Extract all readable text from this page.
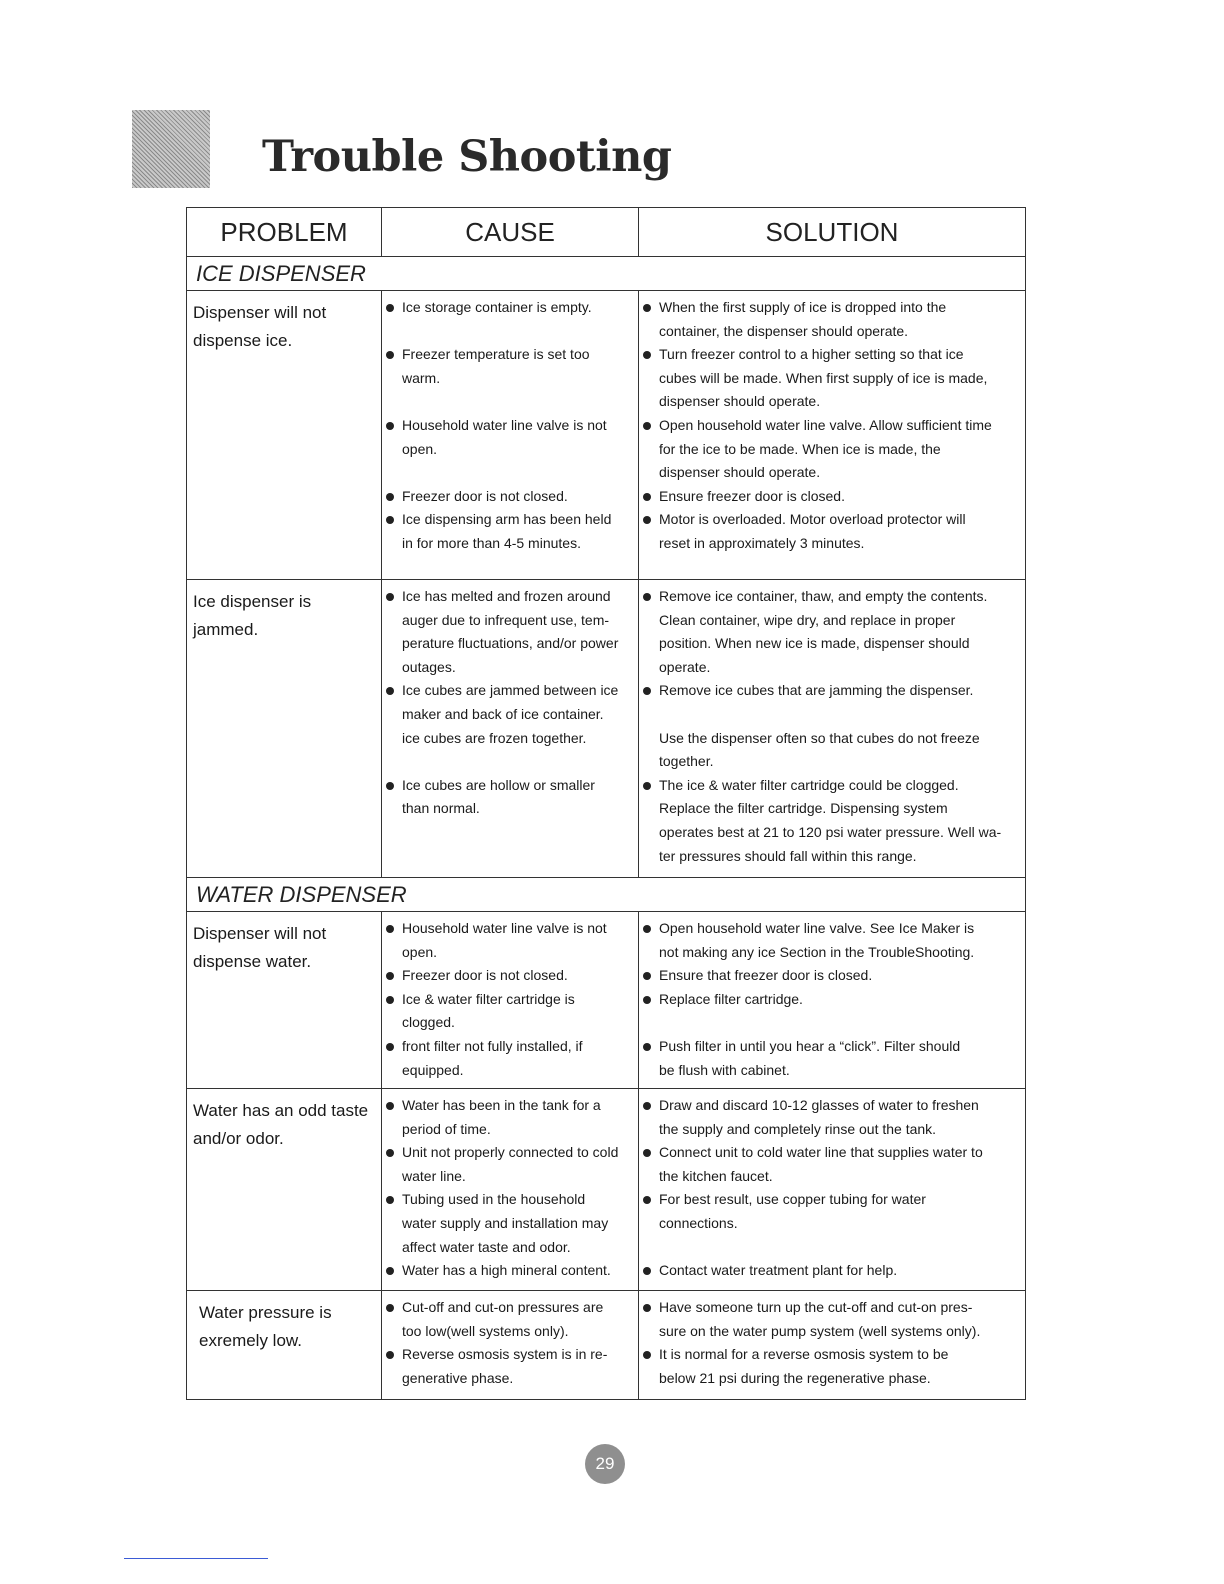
Trouble Shooting
PROBLEM	CAUSE	SOLUTION
ICE DISPENSER
Dispenser will not
dispense ice.
Ice storage container is empty.

Freezer temperature is set too
warm.

Household water line valve is not
open.

Freezer door is not closed.
Ice dispensing arm has been held
in for more than 4-5 minutes.
When the first supply of ice is dropped into the
container, the dispenser should operate.
Turn freezer control to a higher setting so that ice
cubes will be made. When first supply of ice is made,
dispenser should operate.
Open household water line valve. Allow sufficient time
for the ice to be made. When ice is made, the
dispenser should operate.
Ensure freezer door is closed.
Motor is overloaded. Motor overload protector will
reset in approximately 3 minutes.
Ice dispenser is
jammed.
Ice has melted and frozen around
auger due to infrequent use, tem-
perature fluctuations, and/or power
outages.
Ice cubes are jammed between ice
maker and back of ice container.
ice cubes are frozen together.

Ice cubes are hollow or smaller
than normal.
Remove ice container, thaw, and empty the contents.
Clean container, wipe dry, and replace in proper
position. When new ice is made, dispenser should
operate.
Remove ice cubes that are jamming the dispenser.

Use the dispenser often so that cubes do not freeze
together.
The ice & water filter cartridge could be clogged.
Replace the filter cartridge. Dispensing system
operates best at 21 to 120 psi water pressure. Well wa-
ter pressures should fall within this range.
WATER DISPENSER
Dispenser will not
dispense water.
Household water line valve is not
open.
Freezer door is not closed.
Ice & water filter cartridge is
clogged.
front filter not fully installed, if
equipped.
Open household water line valve. See Ice Maker is
not making any ice Section in the TroubleShooting.
Ensure that freezer door is closed.
Replace filter cartridge.

Push filter in until you hear a “click”. Filter should
be flush with cabinet.
Water has an odd taste
and/or odor.
Water has been in the tank for a
period of time.
Unit not properly connected to cold
water line.
Tubing used in the household
water supply and installation may
affect water taste and odor.
Water has a high mineral content.
Draw and discard 10-12 glasses of water to freshen
the supply and completely rinse out the tank.
Connect unit to cold water line that supplies water to
the kitchen faucet.
For best result, use copper tubing for water
connections.

Contact water treatment plant for help.
Water pressure is
exremely low.
Cut-off and cut-on pressures are
too low(well systems only).
Reverse osmosis system is in re-
generative phase.
Have someone turn up the cut-off and cut-on pres-
sure on the water pump system (well systems only).
It is normal for a reverse osmosis system to be
below 21 psi during the regenerative phase.
29
